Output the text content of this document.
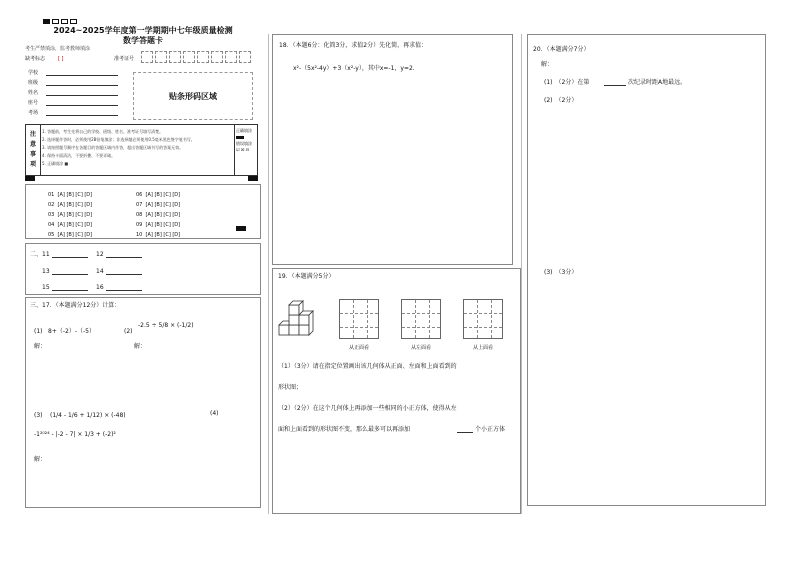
2024~2025学年度第一学期期中七年级质量检测
数学答题卡
考生严禁填涂，监考教师填涂
缺考标志	[ ]	准考证号
学校
班级
姓名
座号
考场
贴条形码区域
注
意
事
项
1. 答题前，考生先将自己的学校、班级、姓名、准考证号填写清楚。
2. 选择题作答时，必须使用2B铅笔填涂；非选择题必须使用0.5毫米黑色签字笔书写。
3. 请按照题号顺序在各题目的答题区域内作答，超出答题区域书写的答案无效。
4. 保持卡面清洁，不要折叠、不要弄破。
5. 正确填涂 ■
正确填涂
错误填涂
☑ ☒ ⊟
01  [A] [B] [C] [D]
02  [A] [B] [C] [D]
03  [A] [B] [C] [D]
04  [A] [B] [C] [D]
05  [A] [B] [C] [D]
06  [A] [B] [C] [D]
07  [A] [B] [C] [D]
08  [A] [B] [C] [D]
09  [A] [B] [C] [D]
10  [A] [B] [C] [D]
二、 11	12
13	14
15	16
三、17．（本题满分12分）计算：
(1) 8+（-2）-（-5）	(2)
-2.5 ÷ 5/8 × (-1/2)
解：	解：
(3) (1/4 - 1/6 + 1/12) × (-48)	(4)
-1²⁰²⁴ - |-2 - 7| × 1/3 + (-2)²
解：
18．（本题6分：化简3分，求值2分）先化简，再求值：
x²-（5x²-4y）+3（x²-y），其中x=-1，y=2.
19．（本题满分5分）
从正面看	从左面看	从上面看
（1）（3分）请在指定位置画出该几何体从正面、左面和上面看到的
形状图；
（2）（2分）在这个几何体上再添加一些相同的小正方体，使得从左
面和上面看到的形状图不变，那么最多可以再添加	个小正方体
20．（本题满分7分）
解：
(1)　（2分）在第	次纪录时距A地最远。
(2)　（2分）
(3)　（3分）
